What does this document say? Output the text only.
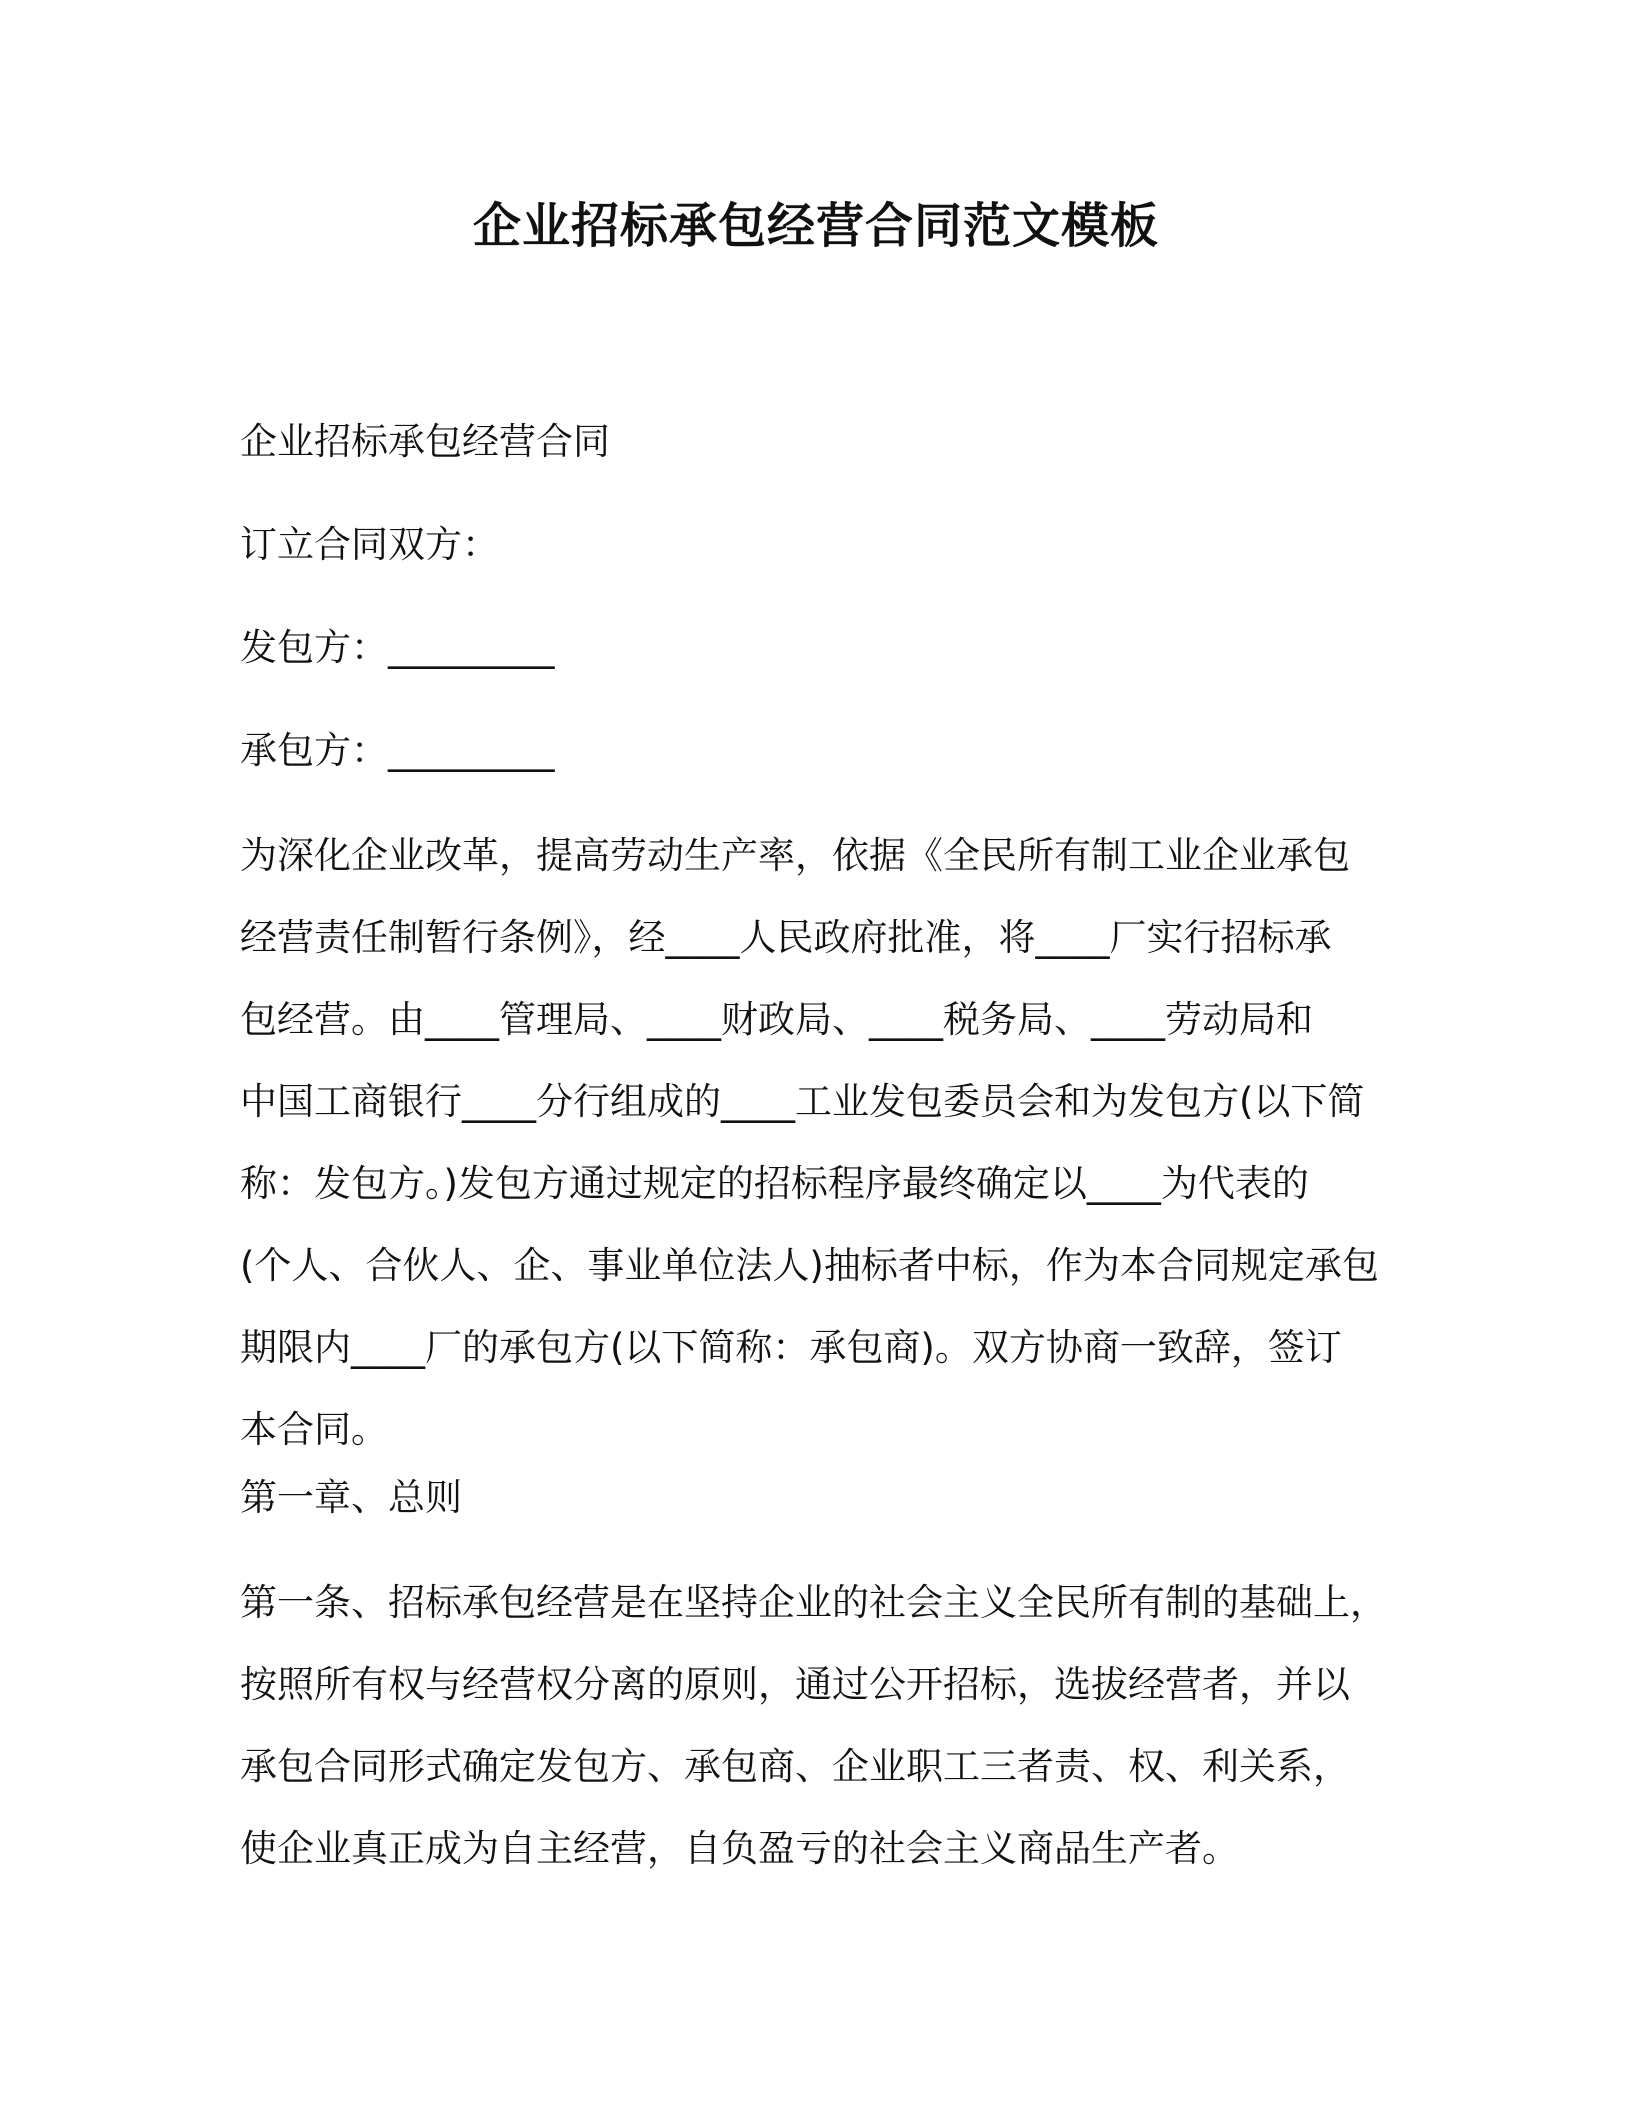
企业招标承包经营合同范文模板
企业招标承包经营合同
订立合同双方：
发包方：_________
承包方：_________
为深化企业改革，提高劳动生产率，依据《全民所有制工业企业承包
经营责任制暂行条例》，经____人民政府批准，将____厂实行招标承
包经营。由____管理局、____财政局、____税务局、____劳动局和
中国工商银行____分行组成的____工业发包委员会和为发包方(以下简
称：发包方。)发包方通过规定的招标程序最终确定以____为代表的
(个人、合伙人、企、事业单位法人)抽标者中标，作为本合同规定承包
期限内____厂的承包方(以下简称：承包商)。双方协商一致辞，签订
本合同。
第一章、总则
第一条、招标承包经营是在坚持企业的社会主义全民所有制的基础上，
按照所有权与经营权分离的原则，通过公开招标，选拔经营者，并以
承包合同形式确定发包方、承包商、企业职工三者责、权、利关系，
使企业真正成为自主经营，自负盈亏的社会主义商品生产者。
